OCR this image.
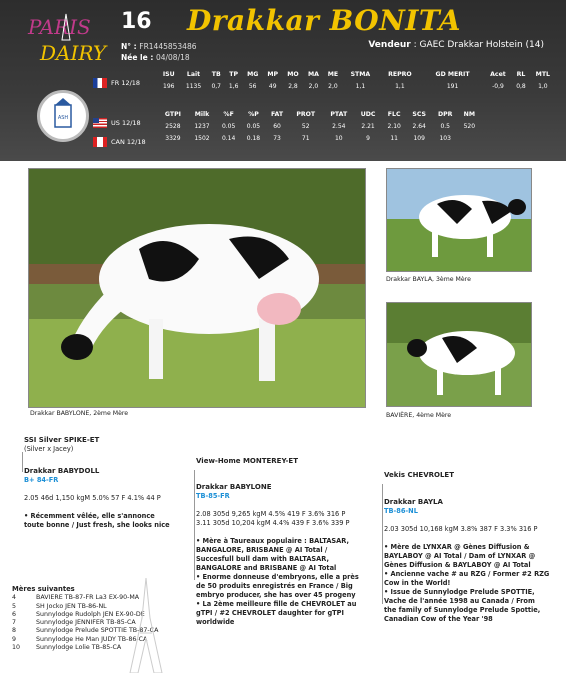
PARIS
DAIRY
16 Drakkar BONITA
N° : FR1445853486
Née le : 04/08/18
Vendeur : GAEC Drakkar Holstein (14)
ASH
FR 12/18
ISU	Lait	TB	TP	MG	MP	MO	MA	ME	STMA	REPRO	GD MERIT	Acet	RL	MTL
196	1135	0,7	1,6	56	49	2,8	2,0	2,0	1,1	1,1	191	-0,9	0,8	1,0
US 12/18
CAN 12/18
GTPI	Milk	%F	%P	FAT	PROT	PTAT	UDC	FLC	SCS	DPR	NM
2528	1237	0.05	0.05	60	52	2.54	2.21	2.10	2.64	0.5	520
3329	1502	0.14	0.18	73	71	10	9	11	109	103	
Drakkar BABYLONE, 2ème Mère
Drakkar BAYLA, 3ème Mère
BAVIÈRE, 4ème Mère

SSI Silver SPIKE-ET

(Silver x Jacey)

Drakkar BABYDOLL

B+ 84-FR

2.05 46d 1,150 kgM 5.0% 57 F 4.1% 44 P

• Récemment vêlée, elle s'annonce

toute bonne / Just fresh, she looks nice

View-Home MONTEREY-ET

Drakkar BABYLONE

TB-85-FR

2.08 305d 9,265 kgM 4.5% 419 F 3.6% 316 P

3.11 305d 10,204 kgM 4.4% 439 F 3.6% 339 P

• Mère à Taureaux populaire : BALTASAR,

BANGALORE, BRISBANE @ AI Total /

Succesfull bull dam with BALTASAR,

BANGALORE and BRISBANE @ AI Total

• Enorme donneuse d'embryons, elle a près

de 50 produits enregistrés en France / Big

embryo producer, she has over 45 progeny

• La 2ème meilleure fille de CHEVROLET au

gTPI / #2 CHEVROLET daughter for gTPI

worldwide

Vekis CHEVROLET

Drakkar BAYLA

TB-86-NL

2.03 305d 10,168 kgM 3.8% 387 F 3.3% 316 P

• Mère de LYNXAR @ Gènes Diffusion &

BAYLABOY @ AI Total / Dam of LYNXAR @

Gènes Diffusion & BAYLABOY @ AI Total

• Ancienne vache # au RZG / Former #2 RZG

Cow in the World!

• Issue de Sunnylodge Prelude SPOTTIE,

Vache de l'année 1998 au Canada / From

the family of Sunnylodge Prelude Spottie,

Canadian Cow of the Year '98

Mères suivantes
4	BAVIERE TB-87-FR La3 EX-90-MA
5	SH Jocko JEN TB-86-NL
6	Sunnylodge Rudolph JEN EX-90-DE
7	Sunnylodge JENNIFER TB-85-CA
8	Sunnylodge Prelude SPOTTIE TB-87-CA
9	Sunnylodge He Man JUDY TB-86-CA
10	Sunnylodge Lolie TB-85-CA
